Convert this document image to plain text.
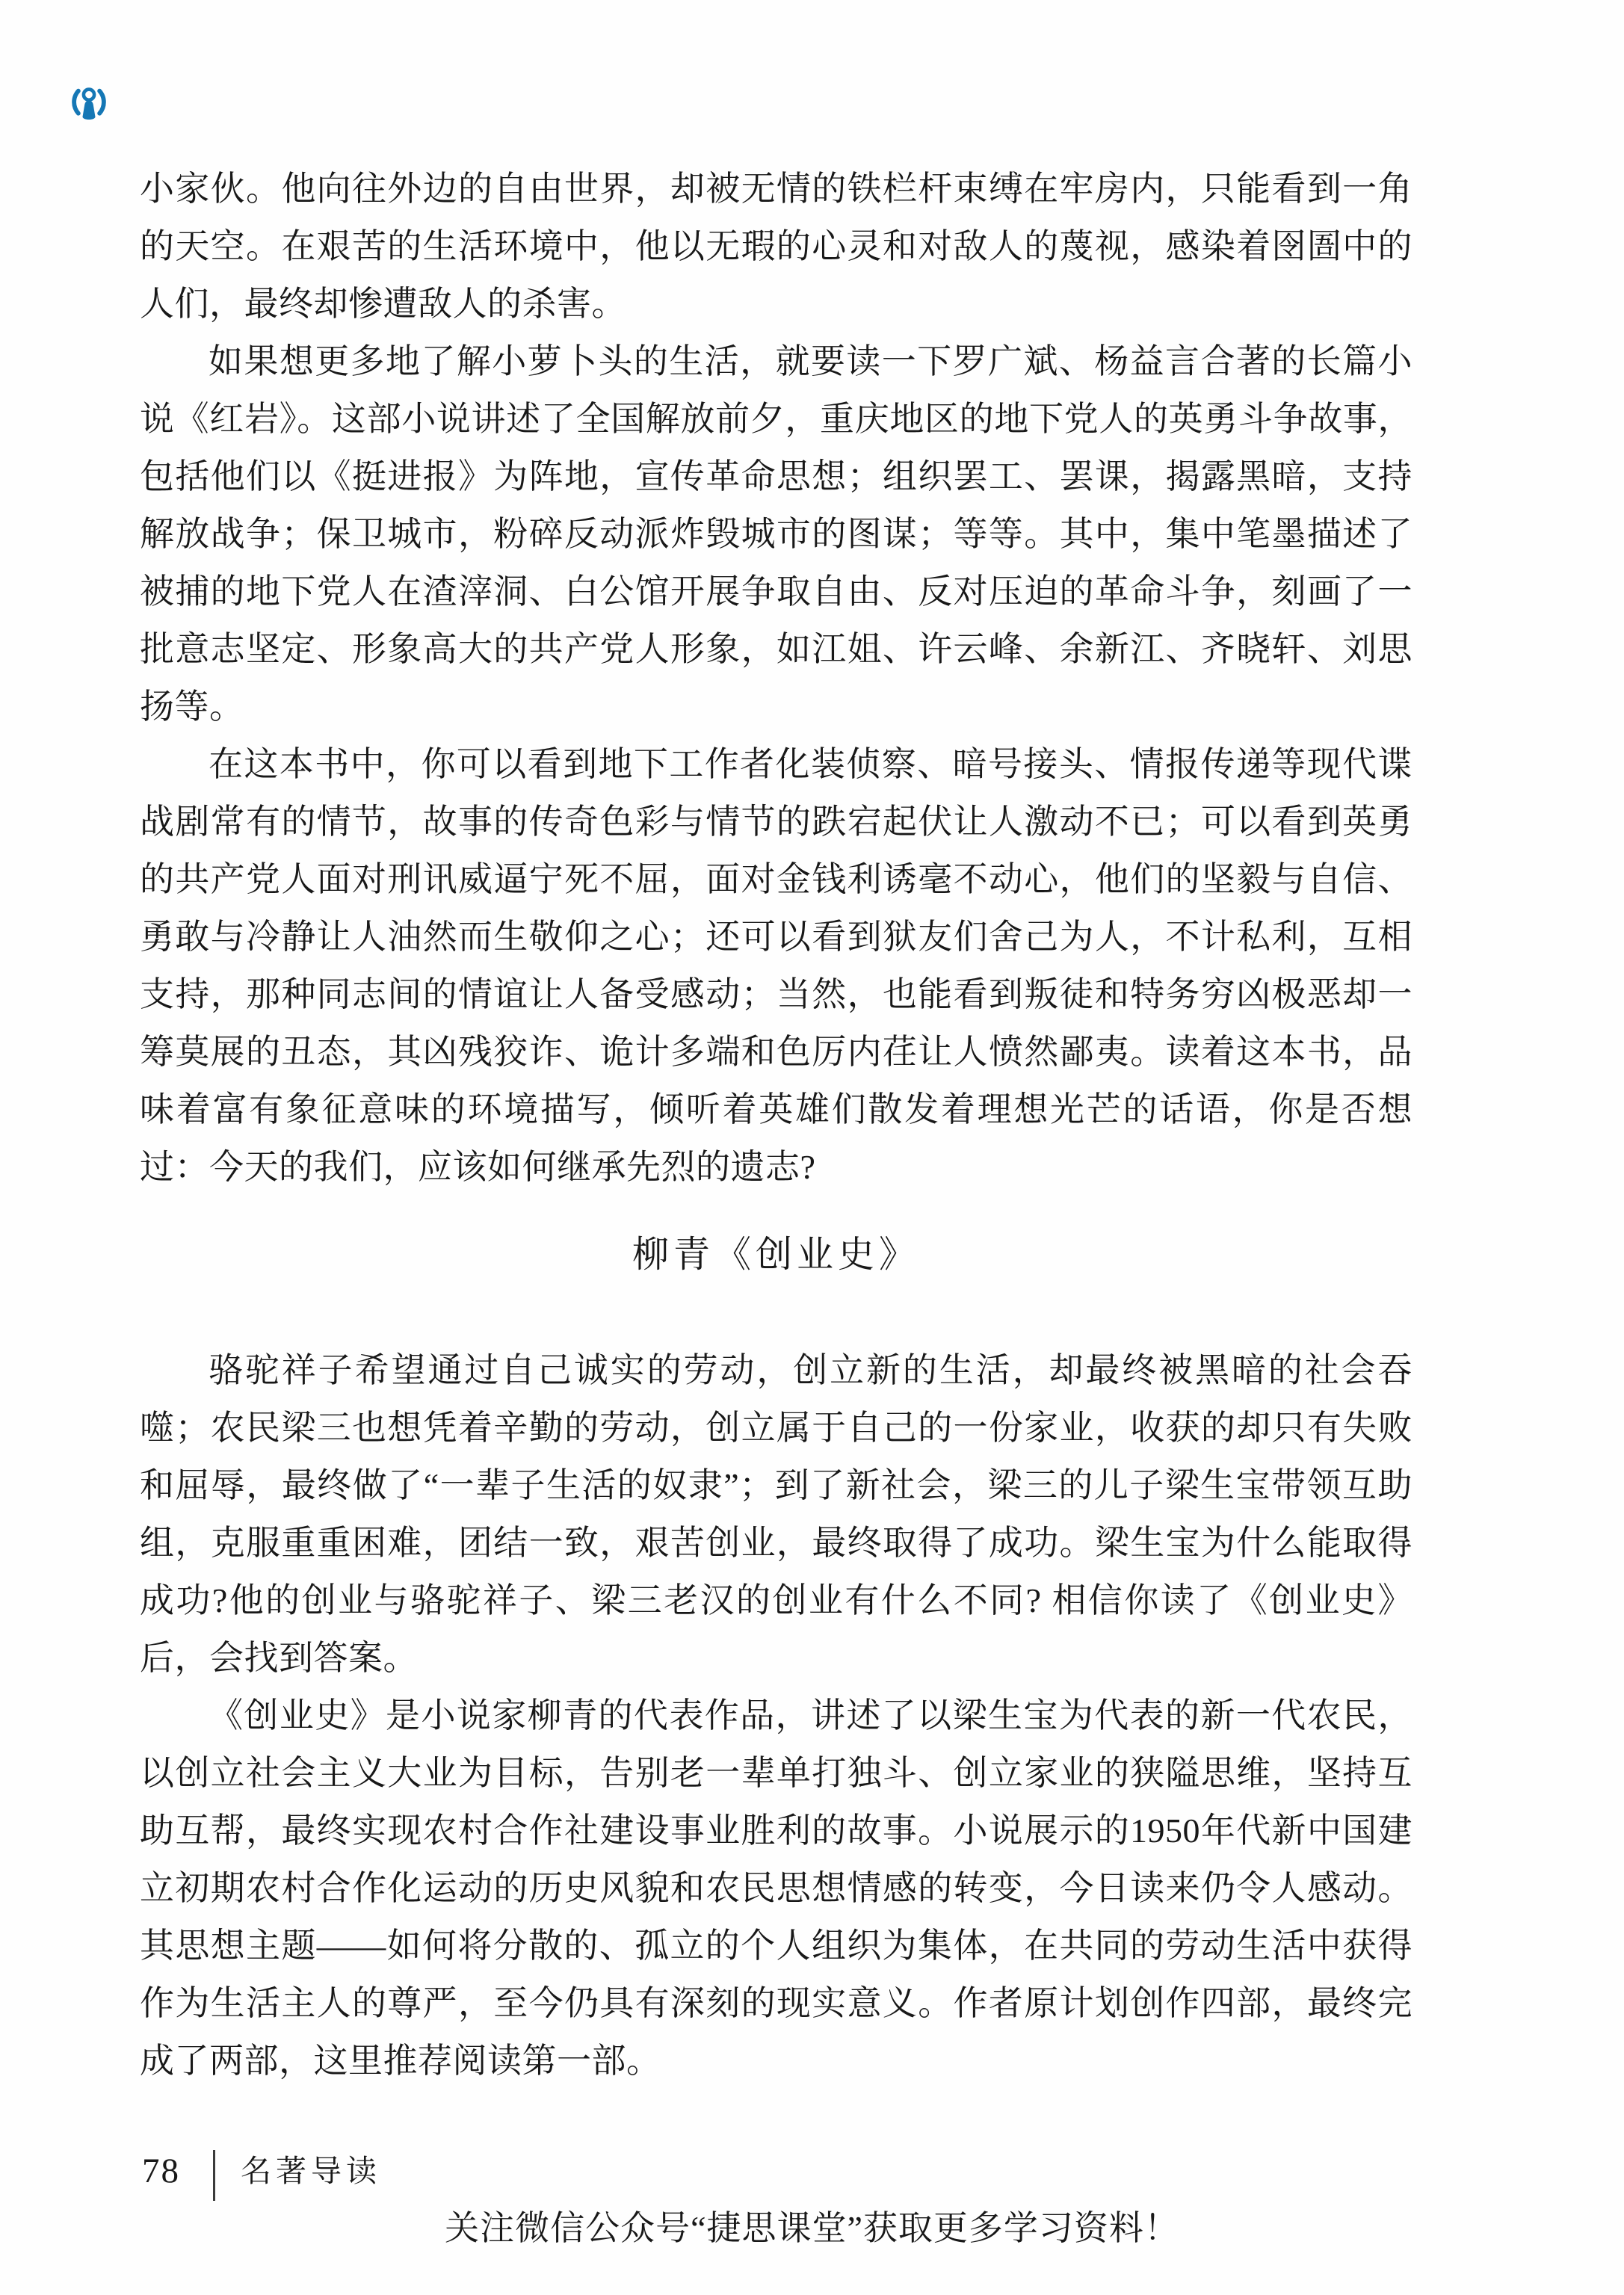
小家伙。他向往外边的自由世界，却被无情的铁栏杆束缚在牢房内，只能看到一角的天空。在艰苦的生活环境中，他以无瑕的心灵和对敌人的蔑视，感染着囹圄中的人们，最终却惨遭敌人的杀害。

如果想更多地了解小萝卜头的生活，就要读一下罗广斌、杨益言合著的长篇小说《红岩》。这部小说讲述了全国解放前夕，重庆地区的地下党人的英勇斗争故事，包括他们以《挺进报》为阵地，宣传革命思想；组织罢工、罢课，揭露黑暗，支持解放战争；保卫城市，粉碎反动派炸毁城市的图谋；等等。其中，集中笔墨描述了被捕的地下党人在渣滓洞、白公馆开展争取自由、反对压迫的革命斗争，刻画了一批意志坚定、形象高大的共产党人形象，如江姐、许云峰、余新江、齐晓轩、刘思扬等。

在这本书中，你可以看到地下工作者化装侦察、暗号接头、情报传递等现代谍战剧常有的情节，故事的传奇色彩与情节的跌宕起伏让人激动不已；可以看到英勇的共产党人面对刑讯威逼宁死不屈，面对金钱利诱毫不动心，他们的坚毅与自信、勇敢与冷静让人油然而生敬仰之心；还可以看到狱友们舍己为人，不计私利，互相支持，那种同志间的情谊让人备受感动；当然，也能看到叛徒和特务穷凶极恶却一筹莫展的丑态，其凶残狡诈、诡计多端和色厉内荏让人愤然鄙夷。读着这本书，品味着富有象征意味的环境描写，倾听着英雄们散发着理想光芒的话语，你是否想过：今天的我们，应该如何继承先烈的遗志?

柳青《创业史》

骆驼祥子希望通过自己诚实的劳动，创立新的生活，却最终被黑暗的社会吞噬；农民梁三也想凭着辛勤的劳动，创立属于自己的一份家业，收获的却只有失败和屈辱，最终做了“一辈子生活的奴隶”；到了新社会，梁三的儿子梁生宝带领互助组，克服重重困难，团结一致，艰苦创业，最终取得了成功。梁生宝为什么能取得成功?他的创业与骆驼祥子、梁三老汉的创业有什么不同? 相信你读了《创业史》后，会找到答案。

《创业史》是小说家柳青的代表作品，讲述了以梁生宝为代表的新一代农民，以创立社会主义大业为目标，告别老一辈单打独斗、创立家业的狭隘思维，坚持互助互帮，最终实现农村合作社建设事业胜利的故事。小说展示的1950年代新中国建立初期农村合作化运动的历史风貌和农民思想情感的转变，今日读来仍令人感动。其思想主题——如何将分散的、孤立的个人组织为集体，在共同的劳动生活中获得作为生活主人的尊严，至今仍具有深刻的现实意义。作者原计划创作四部，最终完成了两部，这里推荐阅读第一部。

78 名著导读
关注微信公众号“捷思课堂”获取更多学习资料！
